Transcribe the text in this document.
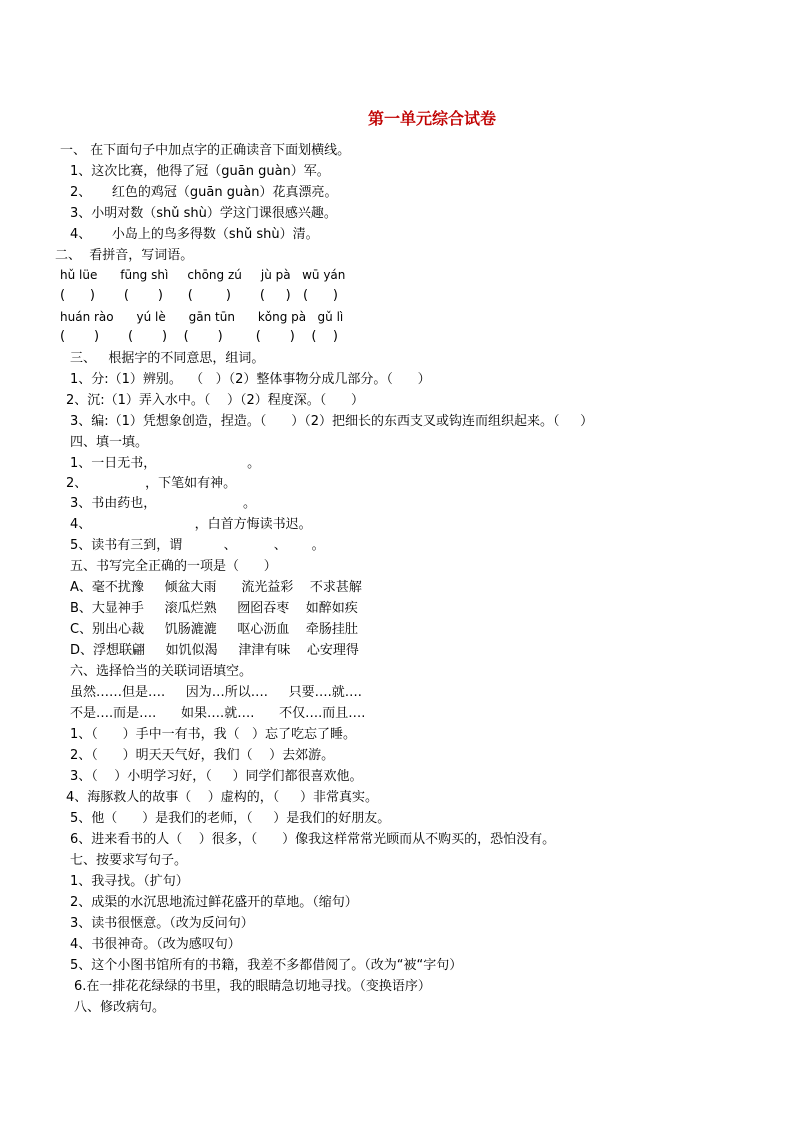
第一单元综合试卷
一、 在下面句子中加点字的正确读音下面划横线。
1、这次比赛，他得了冠（guān guàn）军。
2、     红色的鸡冠（guān guàn）花真漂亮。
3、小明对数（shǔ shù）学这门课很感兴趣。
4、     小岛上的鸟多得数（shǔ shù）清。
二、  看拼音，写词语。
hǔ lüe      fūng shì     chōng zú     jù pà   wū yán
(      )       (       )      (        )       (     )   (      )
huán rào      yú lè      gān tūn      kǒng pà   gǔ lì
(       )       (       )    (       )        (       )    (    )
三、   根据字的不同意思，组词。
1、分:（1）辨别。  （   ）（2）整体事物分成几部分。（      ）
2、沉:（1）弄入水中。（    ）（2）程度深。（      ）
3、编:（1）凭想象创造，捏造。（      ）（2）把细长的东西支叉或钩连而组织起来。（     ）
四、填一填。
1、一日无书，                      。
2、              ，下笔如有神。
3、书由药也，                     。
4、                         ，白首方悔读书迟。
5、读书有三到，谓          、         、      。
五、书写完全正确的一项是（      ）
A、毫不扰豫     倾盆大雨      流光益彩    不求甚解
B、大显神手     滚瓜烂熟     囫囵吞枣    如醉如疾
C、别出心裁     饥肠漉漉     呕心沥血    牵肠挂肚
D、浮想联翩     如饥似渴     津津有味    心安理得
六、选择恰当的关联词语填空。
虽然……但是….     因为…所以….     只要….就….
不是….而是….      如果….就….      不仅….而且….
1、（      ）手中一有书，我（   ）忘了吃忘了睡。
2、（      ）明天天气好，我们（    ）去郊游。
3、（    ）小明学习好，（     ）同学们都很喜欢他。
4、海豚救人的故事（    ）虚构的，（     ）非常真实。
5、他（      ）是我们的老师，（     ）是我们的好朋友。
6、进来看书的人（    ）很多，（      ）像我这样常常光顾而从不购买的，恐怕没有。
七、按要求写句子。
1、我寻找。（扩句）
2、成渠的水沉思地流过鲜花盛开的草地。（缩句）
3、读书很惬意。（改为反问句）
4、书很神奇。（改为感叹句）
5、这个小图书馆所有的书籍，我差不多都借阅了。（改为“被“字句）
6.在一排花花绿绿的书里，我的眼睛急切地寻找。（变换语序）
八、修改病句。
